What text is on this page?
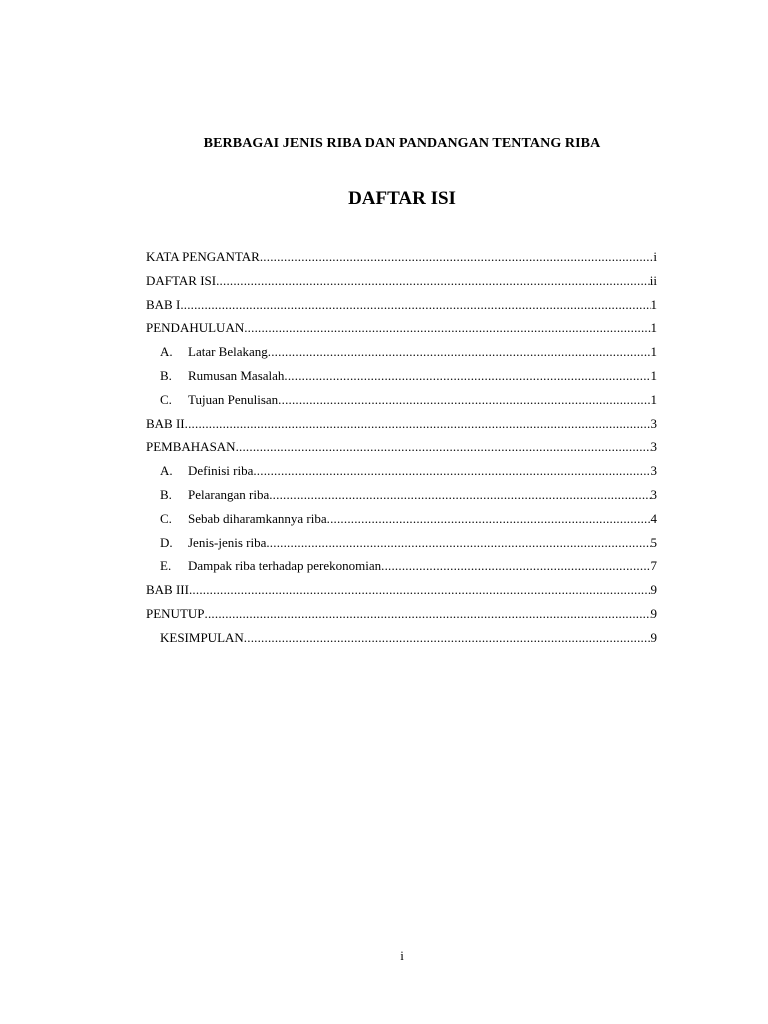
BERBAGAI JENIS RIBA DAN PANDANGAN TENTANG RIBA
DAFTAR ISI
KATA PENGANTAR .....	i
DAFTAR ISI .....	ii
BAB I .....	1
PENDAHULUAN .....	1
A.	Latar Belakang .....	1
B.	Rumusan Masalah .....	1
C.	Tujuan Penulisan .....	1
BAB II .....	3
PEMBAHASAN .....	3
A.	Definisi riba .....	3
B.	Pelarangan riba .....	3
C.	Sebab diharamkannya riba .....	4
D.	Jenis-jenis riba .....	5
E.	Dampak riba terhadap perekonomian .....	7
BAB III .....	9
PENUTUP .....	9
KESIMPULAN .....	9

i
